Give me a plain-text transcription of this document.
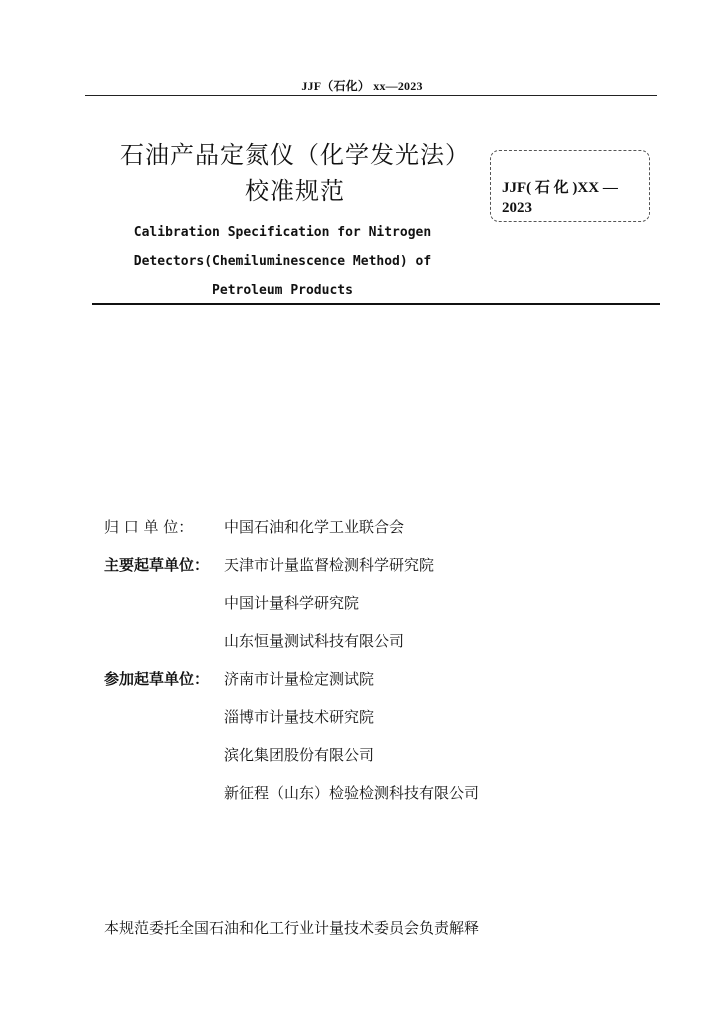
JJF（石化） xx—2023
石油产品定氮仪（化学发光法）
校准规范
Calibration Specification for Nitrogen
Detectors(Chemiluminescence Method) of
Petroleum Products
JJF( 石 化 )XX —
2023
归 口 单 位：	中国石油和化学工业联合会
主要起草单位： 天津市计量监督检测科学研究院
中国计量科学研究院
山东恒量测试科技有限公司
参加起草单位： 济南市计量检定测试院
淄博市计量技术研究院
滨化集团股份有限公司
新征程（山东）检验检测科技有限公司
本规范委托全国石油和化工行业计量技术委员会负责解释
